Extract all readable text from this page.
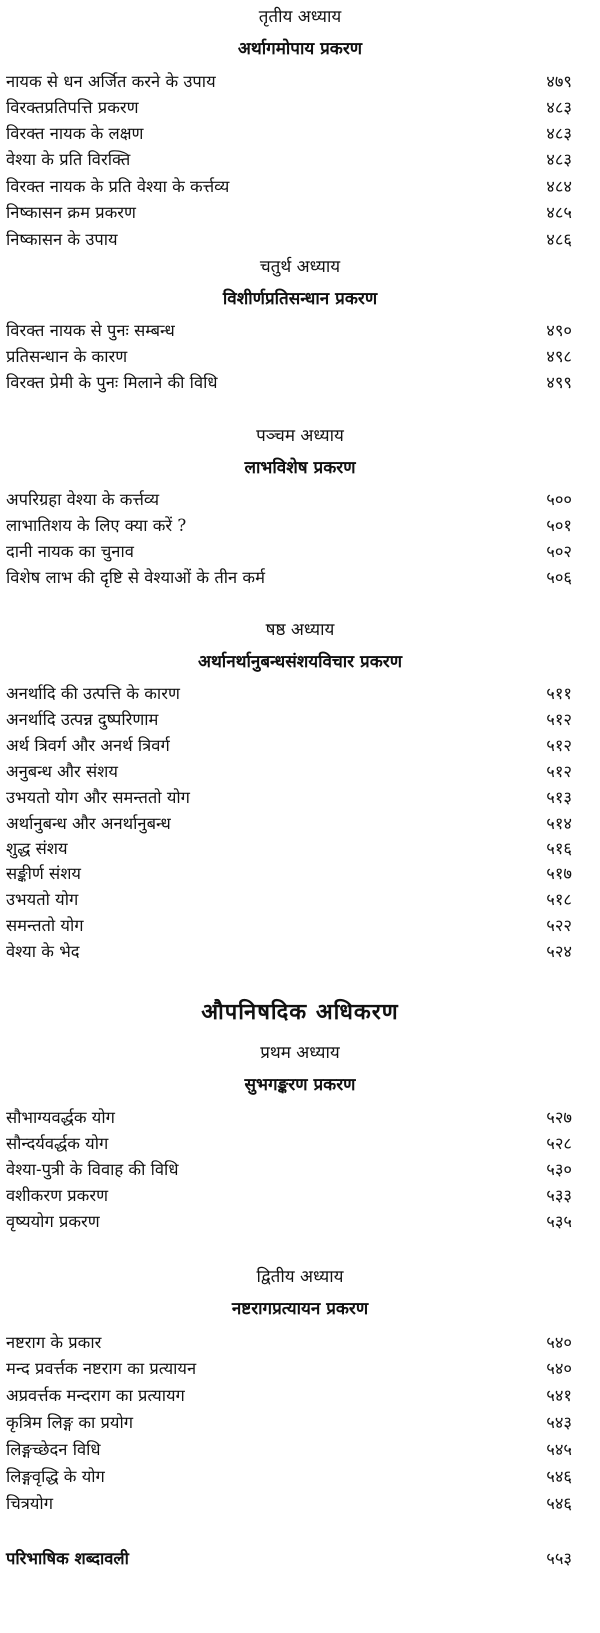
तृतीय अध्याय
अर्थागमोपाय प्रकरण
नायक से धन अर्जित करने के उपाय	४७९
विरक्तप्रतिपत्ति प्रकरण	४८३
विरक्त नायक के लक्षण	४८३
वेश्या के प्रति विरक्ति	४८३
विरक्त नायक के प्रति वेश्या के कर्त्तव्य	४८४
निष्कासन क्रम प्रकरण	४८५
निष्कासन के उपाय	४८६
चतुर्थ अध्याय
विशीर्णप्रतिसन्धान प्रकरण
विरक्त नायक से पुनः सम्बन्ध	४९०
प्रतिसन्धान के कारण	४९८
विरक्त प्रेमी के पुनः मिलाने की विधि	४९९
पञ्चम अध्याय
लाभविशेष प्रकरण
अपरिग्रहा वेश्या के कर्त्तव्य	५००
लाभातिशय के लिए क्या करें ?	५०१
दानी नायक का चुनाव	५०२
विशेष लाभ की दृष्टि से वेश्याओं के तीन कर्म	५०६
षष्ठ अध्याय
अर्थानर्थानुबन्धसंशयविचार प्रकरण
अनर्थादि की उत्पत्ति के कारण	५११
अनर्थादि उत्पन्न दुष्परिणाम	५१२
अर्थ त्रिवर्ग और अनर्थ त्रिवर्ग	५१२
अनुबन्ध और संशय	५१२
उभयतो योग और समन्ततो योग	५१३
अर्थानुबन्ध और अनर्थानुबन्ध	५१४
शुद्ध संशय	५१६
सङ्कीर्ण संशय	५१७
उभयतो योग	५१८
समन्ततो योग	५२२
वेश्या के भेद	५२४
औपनिषदिक अधिकरण
प्रथम अध्याय
सुभगङ्करण प्रकरण
सौभाग्यवर्द्धक योग	५२७
सौन्दर्यवर्द्धक योग	५२८
वेश्या-पुत्री के विवाह की विधि	५३०
वशीकरण प्रकरण	५३३
वृष्ययोग प्रकरण	५३५
द्वितीय अध्याय
नष्टरागप्रत्यायन प्रकरण
नष्टराग के प्रकार	५४०
मन्द प्रवर्त्तक नष्टराग का प्रत्यायन	५४०
अप्रवर्त्तक मन्दराग का प्रत्यायग	५४१
कृत्रिम लिङ्ग का प्रयोग	५४३
लिङ्गच्छेदन विधि	५४५
लिङ्गवृद्धि के योग	५४६
चित्रयोग	५४६
परिभाषिक शब्दावली	५५३
